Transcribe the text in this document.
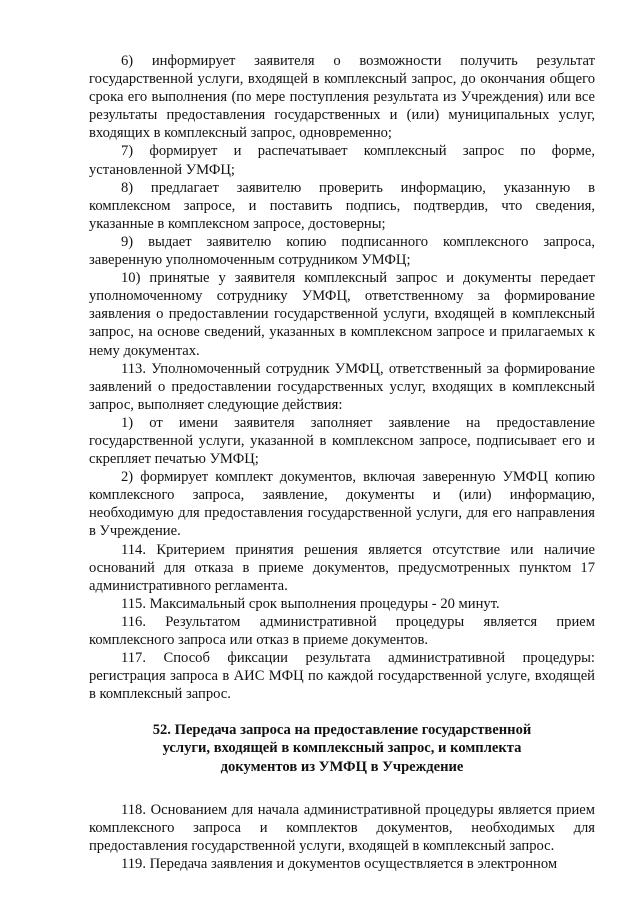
6) информирует заявителя о возможности получить результат государственной услуги, входящей в комплексный запрос, до окончания общего срока его выполнения (по мере поступления результата из Учреждения) или все результаты предоставления государственных и (или) муниципальных услуг, входящих в комплексный запрос, одновременно;

7) формирует и распечатывает комплексный запрос по форме, установленной УМФЦ;

8) предлагает заявителю проверить информацию, указанную в комплексном запросе, и поставить подпись, подтвердив, что сведения, указанные в комплексном запросе, достоверны;

9) выдает заявителю копию подписанного комплексного запроса, заверенную уполномоченным сотрудником УМФЦ;

10) принятые у заявителя комплексный запрос и документы передает уполномоченному сотруднику УМФЦ, ответственному за формирование заявления о предоставлении государственной услуги, входящей в комплексный запрос, на основе сведений, указанных в комплексном запросе и прилагаемых к нему документах.

113. Уполномоченный сотрудник УМФЦ, ответственный за формирование заявлений о предоставлении государственных услуг, входящих в комплексный запрос, выполняет следующие действия:

1) от имени заявителя заполняет заявление на предоставление государственной услуги, указанной в комплексном запросе, подписывает его и скрепляет печатью УМФЦ;

2) формирует комплект документов, включая заверенную УМФЦ копию комплексного запроса, заявление, документы и (или) информацию, необходимую для предоставления государственной услуги, для его направления в Учреждение.

114. Критерием принятия решения является отсутствие или наличие оснований для отказа в приеме документов, предусмотренных пунктом 17 административного регламента.

115. Максимальный срок выполнения процедуры - 20 минут.

116. Результатом административной процедуры является прием комплексного запроса или отказ в приеме документов.

117. Способ фиксации результата административной процедуры: регистрация запроса в АИС МФЦ по каждой государственной услуге, входящей в комплексный запрос.

52. Передача запроса на предоставление государственной
услуги, входящей в комплексный запрос, и комплекта
документов из УМФЦ в Учреждение

118. Основанием для начала административной процедуры является прием комплексного запроса и комплектов документов, необходимых для предоставления государственной услуги, входящей в комплексный запрос.

119. Передача заявления и документов осуществляется в электронном
